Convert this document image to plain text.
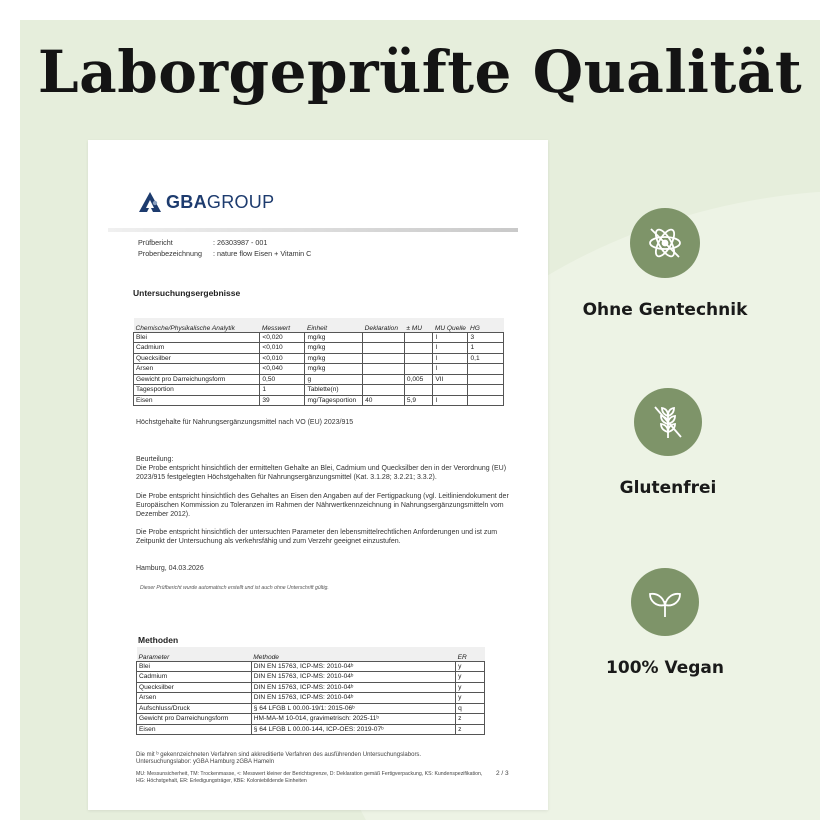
Laborgeprüfte Qualität
GBA GROUP
Prüfbericht	: 26303987 - 001
Probenbezeichnung : nature flow Eisen + Vitamin C
Untersuchungsergebnisse
Chemische/Physikalische Analytik	Messwert	Einheit	Deklaration	± MU	MU Quelle	HG
Blei	<0,020	mg/kg			I	3
Cadmium	<0,010	mg/kg			I	1
Quecksilber	<0,010	mg/kg			I	0,1
Arsen	<0,040	mg/kg			I	
Gewicht pro Darreichungsform	0,50	g		0,005	VII	
Tagesportion	1	Tablette(n)				
Eisen	39	mg/Tagesportion	40	5,9	I	
Höchstgehalte für Nahrungsergänzungsmittel nach VO (EU) 2023/915
Beurteilung:
Die Probe entspricht hinsichtlich der ermittelten Gehalte an Blei, Cadmium und Quecksilber den in der Verordnung (EU) 2023/915 festgelegten Höchstgehalten für Nahrungsergänzungsmittel (Kat. 3.1.28; 3.2.21; 3.3.2).
Die Probe entspricht hinsichtlich des Gehaltes an Eisen den Angaben auf der Fertigpackung (vgl. Leitliniendokument der Europäischen Kommission zu Toleranzen im Rahmen der Nährwertkennzeichnung in Nahrungsergänzungsmitteln vom Dezember 2012).
Die Probe entspricht hinsichtlich der untersuchten Parameter den lebensmittelrechtlichen Anforderungen und ist zum Zeitpunkt der Untersuchung als verkehrsfähig und zum Verzehr geeignet einzustufen.
Hamburg, 04.03.2026
Dieser Prüfbericht wurde automatisch erstellt und ist auch ohne Unterschrift gültig.
Methoden
Parameter	Methode	ER
Blei	DIN EN 15763, ICP-MS: 2010-04ᵇ	y
Cadmium	DIN EN 15763, ICP-MS: 2010-04ᵇ	y
Quecksilber	DIN EN 15763, ICP-MS: 2010-04ᵇ	y
Arsen	DIN EN 15763, ICP-MS: 2010-04ᵇ	y
Aufschluss/Druck	§ 64 LFGB L 00.00-19/1: 2015-06ᵇ	q
Gewicht pro Darreichungsform	HM-MA-M 10-014, gravimetrisch: 2025-11ᵇ	z
Eisen	§ 64 LFGB L 00.00-144, ICP-OES: 2019-07ᵇ	z
Die mit ᵇ gekennzeichneten Verfahren sind akkreditierte Verfahren des ausführenden Untersuchungslabors.
Untersuchungslabor: yGBA Hamburg zGBA Hameln
MU: Messunsicherheit, TM: Trockenmasse, <: Messwert kleiner der Berichtsgrenze, D: Deklaration gemäß Fertigverpackung, KS: Kundenspezifikation, HG: Höchstgehalt, ER: Erledigungsträger, KBE: Koloniebildende Einheiten
2 / 3
Ohne Gentechnik
Glutenfrei
100% Vegan
